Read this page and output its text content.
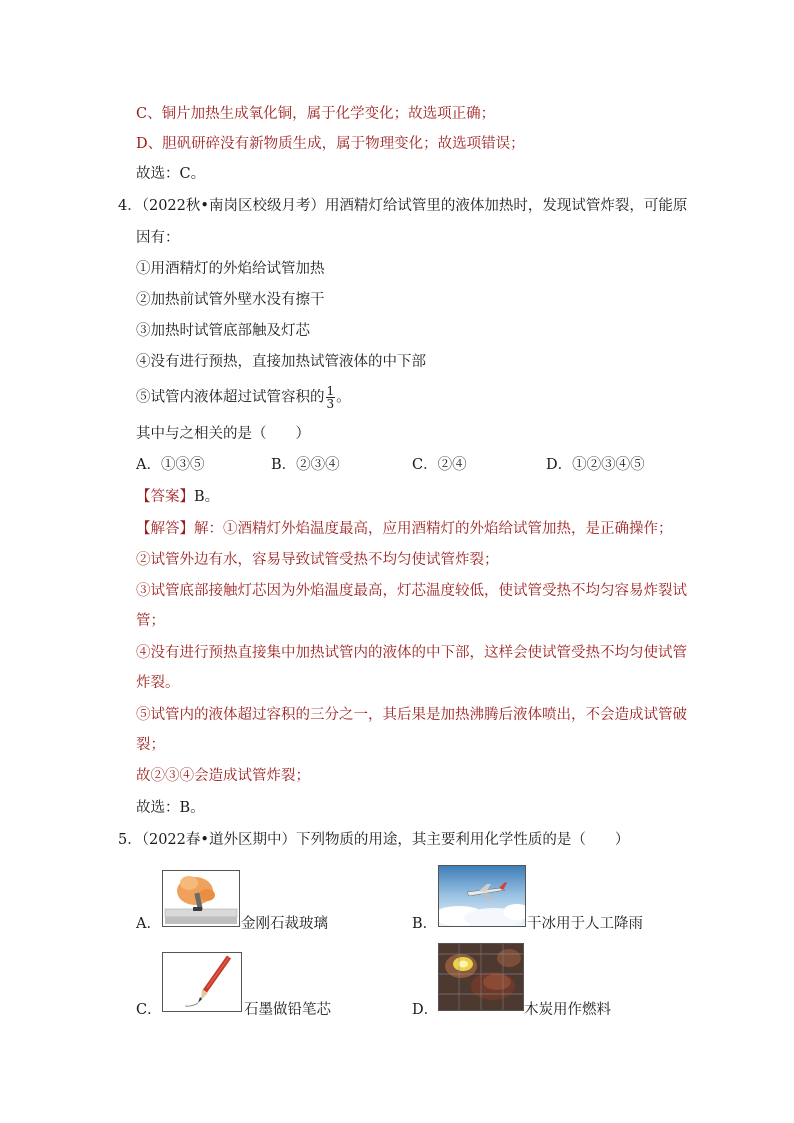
C、铜片加热生成氧化铜，属于化学变化；故选项正确；
D、胆矾研碎没有新物质生成，属于物理变化；故选项错误；
故选：C。
4．（2022秋•南岗区校级月考）用酒精灯给试管里的液体加热时，发现试管炸裂，可能原
因有：
①用酒精灯的外焰给试管加热
②加热前试管外壁水没有擦干
③加热时试管底部触及灯芯
④没有进行预热，直接加热试管液体的中下部
⑤试管内液体超过试管容积的 $\frac{1}{3}$ 。
其中与之相关的是（　　）
A．①③⑤	B．②③④	C．②④	D．①②③④⑤
【答案】B。
【解答】解：①酒精灯外焰温度最高，应用酒精灯的外焰给试管加热，是正确操作；
②试管外边有水，容易导致试管受热不均匀使试管炸裂；
③试管底部接触灯芯因为外焰温度最高，灯芯温度较低，使试管受热不均匀容易炸裂试
管；
④没有进行预热直接集中加热试管内的液体的中下部，这样会使试管受热不均匀使试管
炸裂。
⑤试管内的液体超过容积的三分之一，其后果是加热沸腾后液体喷出，不会造成试管破
裂；
故②③④会造成试管炸裂；
故选：B。
5．（2022春•道外区期中）下列物质的用途，其主要利用化学性质的是（　　）
A．	金刚石裁玻璃	B．	干冰用于人工降雨
C．	石墨做铅笔芯	D．	木炭用作燃料
